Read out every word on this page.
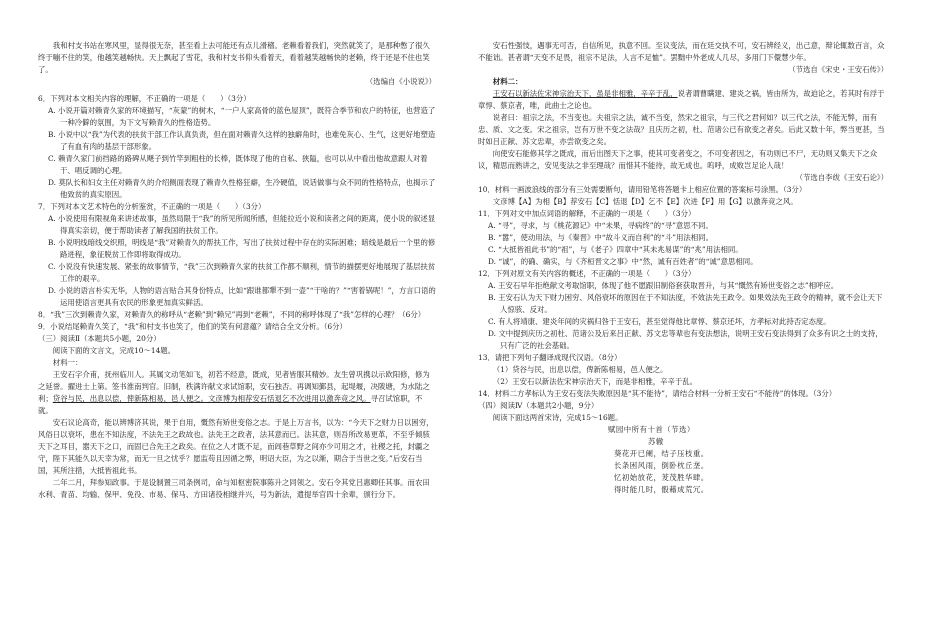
我和村支书站在寒风里，显得很无奈，甚至看上去可能还有点儿滑稽。老赖看着我们，突然就笑了，是那种憋了很久终于嘣不住的笑，他越笑越畅快。天上飘起了雪花，我和村支书仰头看着天，看着越笑越畅快的老赖，终于还是不住也笑了。

（选编自《小说说》）

6．下列对本文相关内容的理解，不正确的一项是（　　）（3分）

A. 小说开篇对赖青久家的环境描写，“灰蒙”的树木，“一户人家高骨的蓝色屋顶”，既符合季节和农户的特征，也营造了一种冷僻的氛围，为下文写赖青久的性格造势。

B. 小说中以“我”为代表的扶贫干部工作认真负责，但在面对赖青久这样的独癖角时，也难免灰心、生气，这更好地塑造了有血有肉的基层干部形象。

C. 赖青久家门前挡路的路碑从飓子到竹竿到粗柱的长棒，既体现了他的自私、狭隘，也可以从中看出他故意跟人对着干、唱反调的心理。

D. 莫队长和妇女主任对赖青久的介绍侧面表现了赖青久性格狂癖，生冷硬值，说话做事与众不同的性格特点，也揭示了他致贫的真实原因。

7．下列对本文艺术特色的分析鉴赏，不正确的一项是（　　）（3分）

A. 小说使用有限视角来讲述故事，虽然局限于“我”的所见所闻所感，但能拉近小说和读者之间的距离，使小说的叙述显得真实亲切，便于帮助读者了解我国的扶贫工作。

B. 小说明线暗线交织照，明线是“我”对赖青久的帮扶工作，写出了扶贫过程中存在的实际困难；暗线是最后一个里的修路进程，象征脱贫工作即将取得成功。

C. 小说没有快速发展、紧张的故事情节，“我”三次到赖青久家的扶贫工作都不顺利，情节的描摆更好地展现了基层扶贫工作的艰辛。

D. 小说的语言朴实无华，人物的语言贴合其身份特点，比如“跟谁都犟不到一壶”“干啥的？”“害着锅呢！”，方言口语的运用使语言更具有农民的形象更加真实鲜活。

8．“我”三次到赖青久家，对赖青久的称呼从“老赖”到“赖兄”再到“老赖”，不同的称呼体现了“我”怎样的心理？（6分）

9．小说结尾赖青久笑了，“我”和村支书也笑了，他们的笑有何意蕴？请结合全文分析。（6分）

（三）阅读Ⅱ（本题共5小题，20分）

阅读下面的文言文，完成10～14题。

材料一：

王安石字介甫，抚州临川人。其属文动笔如飞，初若不经意，既成，见者皆服其精妙。友生曾巩携以示欧阳修，修为之延誉。擢进士上第。签书淮南判官。旧制，秩满许献文求试馆职，安石独否。再调知鄞县，起堤堰，决陂塘，为水陆之利；贷谷与民，出息以偿，俾新陈相易，邑人便之。文彦博为相荐安石恬退乞不次进用以激奔竞之风。寻召试馆职，不就。

安石议论高奇，能以辨博济其说，果于自用，慨然有矫世变俗之志。于是上万言书，以为：“今天下之财力日以困穷，风俗日以衰坏，患在不知法度，不法先王之政故也。法先王之政者，法其意而已。法其意，则吾所改易更革，不至乎倾骇天下之耳目，嚣天下之口，而固已合先王之政矣。在位之人才既不足，而闾巷草野之间亦少可用之才，社稷之托，封疆之守，陛下其能久以天幸为常，而无一旦之忧乎？愿监苟且因循之弊，明诏大臣，为之以渐，期合于当世之变。”后安石当国，其所注措，大抵皆祖此书。

二年二月，拜参知政事。于是设制置三司条例司，命与知枢密院事陈升之同领之。安石令其党吕惠卿任其事。而农田水利、青苗、均输、保甲、免役、市易、保马、方田诸役相继并兴，号为新法，遣提举官四十余辈，颁行分下。

安石性强忮，遇事无可否，自信所见，执意不回。至议变法，而在廷交执不可，安石辨经义，出己意，辩论辄数百言，众不能诎。甚者谓“天变不足畏，祖宗不足法，人言不足恤”。罢黜中外老成人几尽，多用门下儇慧少年。

（节选自《宋史・王安石传》）

材料二：

王安石以新法佐宋神宗治天下，虽是非相雅，辛辛于乱，说者谓曹瞒建、建炎之祸，皆由所为，故迫论之，若其时有浮于章惇、蔡京者，唯，此曲士之论也。

说者曰：祖宗之法，不当变也。夫祖宗之法，诚不当变，然宋之祖宗，与三代之君何如？以三代之法，不能无弊，而有忠、质、文之变。宋之祖宗，岂有万世不变之法哉？且庆历之初，杜、范诸公已有欲变之者矣。后此又数十年，弊当更甚，当时如吕正献、苏文忠辈，亦尝欲变之矣。

向使安石能修其学之既成，而后出图天下之事，使其可变者变之，不可变者因之，有功则已不尸，无功则又集天下之众议，精思而熟讲之，安见变法之非至理哉？而惜其不能待，故无成也。呜呼，成败岂足论人哉！

（节选自李绂《王安石论》）

10．材料一画波浪线的部分有三处需要断句，请用铅笔将答题卡上相应位置的答案标号涂黑。（3分）

文彦博【A】为相【B】荐安石【C】恬退【D】乞不【E】次进【F】用【G】以激奔竞之风。

11．下列对文中加点词语的解释，不正确的一项是（　　）（3分）

A. “寻”，寻求，与《桃花源记》中“未果，寻病终”的“寻”意思不同。

B. “嚣”，使动用法，与《秦晋》中“故斗义而自利”的“斗”用法相同。

C. “大抵皆祖此书”的“祖”，与《老子》四章中“其未兆易谋”的“兆”用法相同。

D. “诚”，的确、确实，与《齐桓晋文之事》中“然，诚有百姓者”的“诚”意思相同。

12．下列对原文有关内容的概述，不正确的一项是（　　）（3分）

A. 王安石早年拒绝献文考取馆职，体现了他不愿跟旧制俗套获取晋升，与其“慨然有矫世变俗之志”相呼应。

B. 王安石认为天下财力困穷、风俗衰坏的原因在于不知法度，不效法先王政令。如果效法先王政令的精神，就不会让天下人惊骇、反对。

C. 有人将靖康、建炎年间的灾祸归咎于王安石，甚至觉得他比章惇、蔡京还坏，方孝标对此持否定态度。

D. 文中提到庆历之初杜、范诸公及后来吕正献、苏文忠等辈也有变法想法，说明王安石变法得到了众多有识之士的支持，只有广泛的社会基础。

13．请把下列句子翻译成现代汉语。（8分）

（1）贷谷与民，出息以偿，俾新陈相易，邑人便之。

（2）王安石以新法佐宋神宗治天下，而是非相雅，辛辛于乱。

14．材料二方孝标认为王安石变法失败原因是“其不能待”，请结合材料一分析王安石“不能待”的体现。（3分）

（四）阅读Ⅳ（本题共2小题，9分）

阅读下面这两首宋诗，完成15～16题。

赋园中所有十首（节选）

苏辙

葵花开已阑，结子压枝重。

长条困风雨，倒卧枕丘垄。

忆初始放花，茇茂胜华肆。

得时能几时，骰藉成荒冗。
